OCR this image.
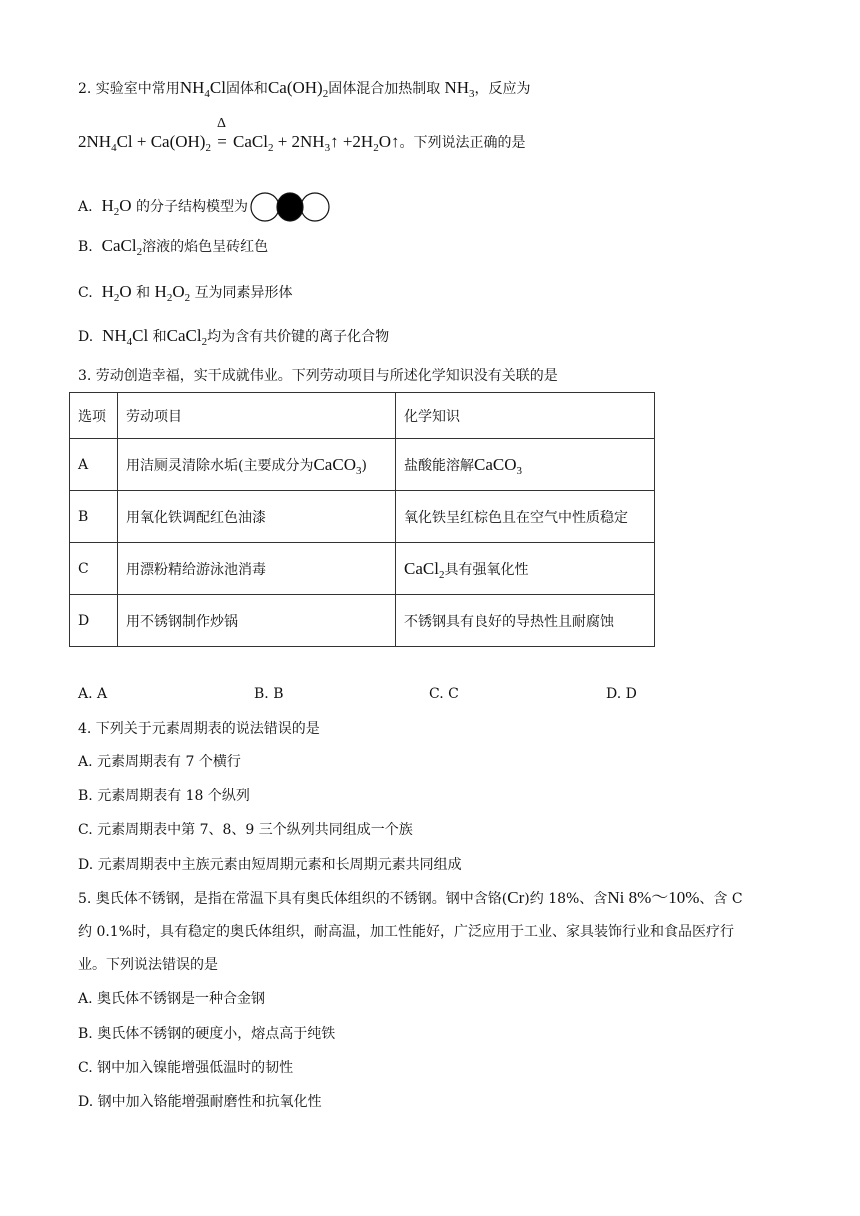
2. 实验室中常用$NH_4Cl$固体和$Ca(OH)_2$固体混合加热制取 $NH_3$，反应为
$2NH_4Cl + Ca(OH)_2$
Δ
= CaCl$_2$ + $2NH_3↑$ $+2H_2O↑$。下列说法正确的是
A. $H_2O$ 的分子结构模型为
B. CaCl$_2$溶液的焰色呈砖红色
C. $H_2O$ 和 $H_2O_2$ 互为同素异形体
D. $NH_4Cl$ 和CaCl$_2$均为含有共价键的离子化合物
3. 劳动创造幸福，实干成就伟业。下列劳动项目与所述化学知识没有关联的是
选项	劳动项目	化学知识
A	用洁厕灵清除水垢(主要成分为CaCO$_3$)	盐酸能溶解CaCO$_3$
B	用氧化铁调配红色油漆	氧化铁呈红棕色且在空气中性质稳定
C	用漂粉精给游泳池消毒	CaCl$_2$具有强氧化性
D	用不锈钢制作炒锅	不锈钢具有良好的导热性且耐腐蚀
A. A	B. B	C. C	D. D
4. 下列关于元素周期表的说法错误的是
A. 元素周期表有 7 个横行
B. 元素周期表有 18 个纵列
C. 元素周期表中第 7、8、9 三个纵列共同组成一个族
D. 元素周期表中主族元素由短周期元素和长周期元素共同组成
5. 奥氏体不锈钢，是指在常温下具有奥氏体组织的不锈钢。钢中含铬(Cr)约 18%、含Ni 8%～10%、含 C
约 0.1%时，具有稳定的奥氏体组织，耐高温，加工性能好，广泛应用于工业、家具装饰行业和食品医疗行
业。下列说法错误的是
A. 奥氏体不锈钢是一种合金钢
B. 奥氏体不锈钢的硬度小，熔点高于纯铁
C. 钢中加入镍能增强低温时的韧性
D. 钢中加入铬能增强耐磨性和抗氧化性
